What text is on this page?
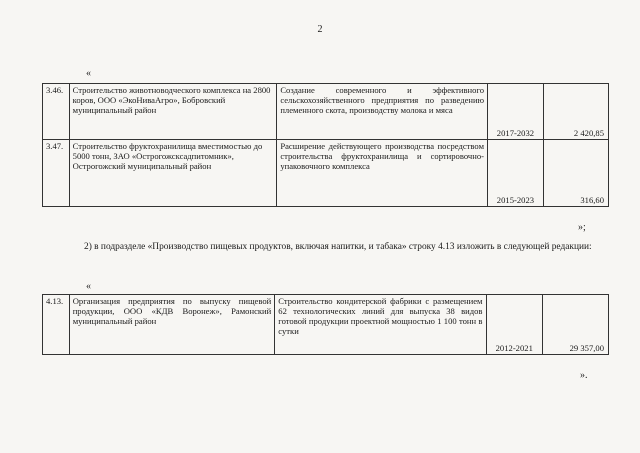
2
«
3.46.	Строительство животноводческого комплекса на 2800 коров, ООО «ЭкоНиваАгро», Бобровский муниципальный район	Создание современного и эффективного сельскохозяйственного предприятия по разведению племенного скота, производству молока и мяса	2017-2032	2 420,85
3.47.	Строительство фруктохранилища вместимостью до 5000 тонн, ЗАО «Острогожсксадпитомник», Острогожский муниципальный район	Расширение действующего производства посредством строительства фруктохранилища и сортировочно-упаковочного комплекса	2015-2023	316,60
»;
2) в подразделе «Производство пищевых продуктов, включая напитки, и табака» строку 4.13 изложить в следующей редакции:
«
4.13.	Организация предприятия по выпуску пищевой продукции, ООО «КДВ Воронеж», Рамонский муниципальный район	Строительство кондитерской фабрики с размещением 62 технологических линий для выпуска 38 видов готовой продукции проектной мощностью 1 100 тонн в сутки	2012-2021	29 357,00
».
